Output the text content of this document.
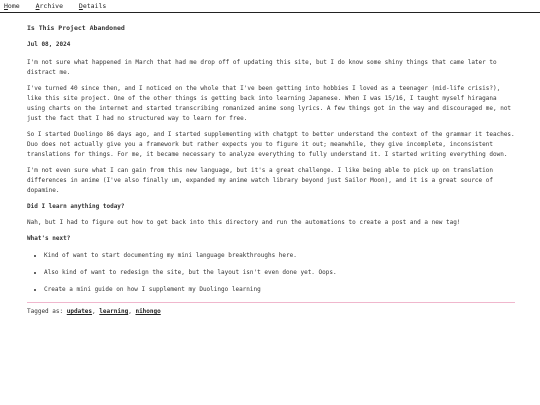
Home Archive Details
Is This Project Abandoned
Jul 08, 2024

I'm not sure what happened in March that had me drop off of updating this site, but I do know some shiny things that came later to distract me.

I've turned 40 since then, and I noticed on the whole that I've been getting into hobbies I loved as a teenager (mid-life crisis?), like this site project. One of the other things is getting back into learning Japanese. When I was 15/16, I taught myself hiragana using charts on the internet and started transcribing romanized anime song lyrics. A few things got in the way and discouraged me, not just the fact that I had no structured way to learn for free.

So I started Duolingo 86 days ago, and I started supplementing with chatgpt to better understand the context of the grammar it teaches. Duo does not actually give you a framework but rather expects you to figure it out; meanwhile, they give incomplete, inconsistent translations for things. For me, it became necessary to analyze everything to fully understand it. I started writing everything down.

I'm not even sure what I can gain from this new language, but it's a great challenge. I like being able to pick up on translation differences in anime (I've also finally um, expanded my anime watch library beyond just Sailor Moon), and it is a great source of dopamine.

Did I learn anything today?

Nah, but I had to figure out how to get back into this directory and run the automations to create a post and a new tag!

What's next?
• Kind of want to start documenting my mini language breakthroughs here.
• Also kind of want to redesign the site, but the layout isn't even done yet. Oops.
• Create a mini guide on how I supplement my Duolingo learning
Tagged as: updates, learning, nihongo
